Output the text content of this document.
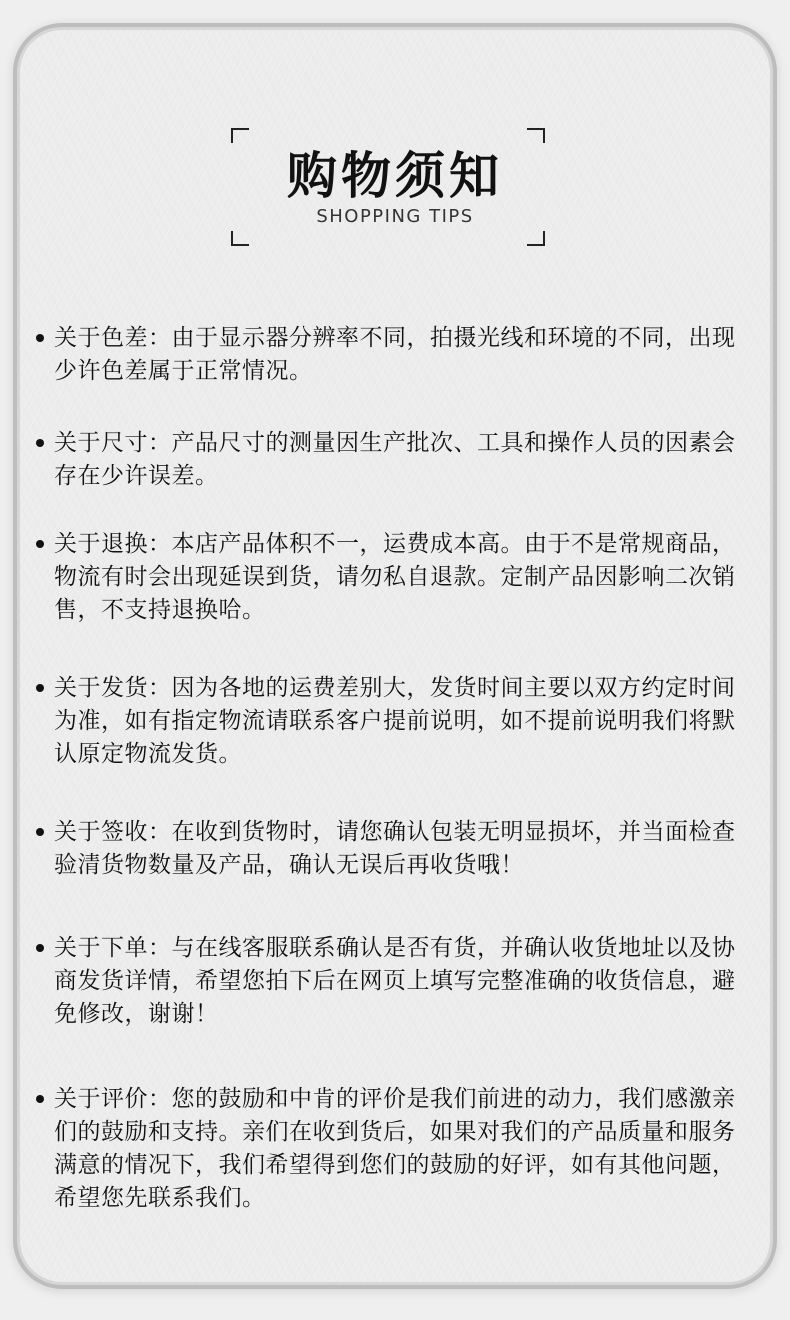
购物须知
SHOPPING TIPS
关于色差：由于显示器分辨率不同，拍摄光线和环境的不同，出现少许色差属于正常情况。
关于尺寸：产品尺寸的测量因生产批次、工具和操作人员的因素会存在少许误差。
关于退换：本店产品体积不一，运费成本高。由于不是常规商品，物流有时会出现延误到货，请勿私自退款。定制产品因影响二次销售，不支持退换哈。
关于发货：因为各地的运费差别大，发货时间主要以双方约定时间为准，如有指定物流请联系客户提前说明，如不提前说明我们将默认原定物流发货。
关于签收：在收到货物时，请您确认包装无明显损坏，并当面检查验清货物数量及产品，确认无误后再收货哦！
关于下单：与在线客服联系确认是否有货，并确认收货地址以及协商发货详情，希望您拍下后在网页上填写完整准确的收货信息，避免修改，谢谢！
关于评价：您的鼓励和中肯的评价是我们前进的动力，我们感激亲们的鼓励和支持。亲们在收到货后，如果对我们的产品质量和服务满意的情况下，我们希望得到您们的鼓励的好评，如有其他问题，希望您先联系我们。
